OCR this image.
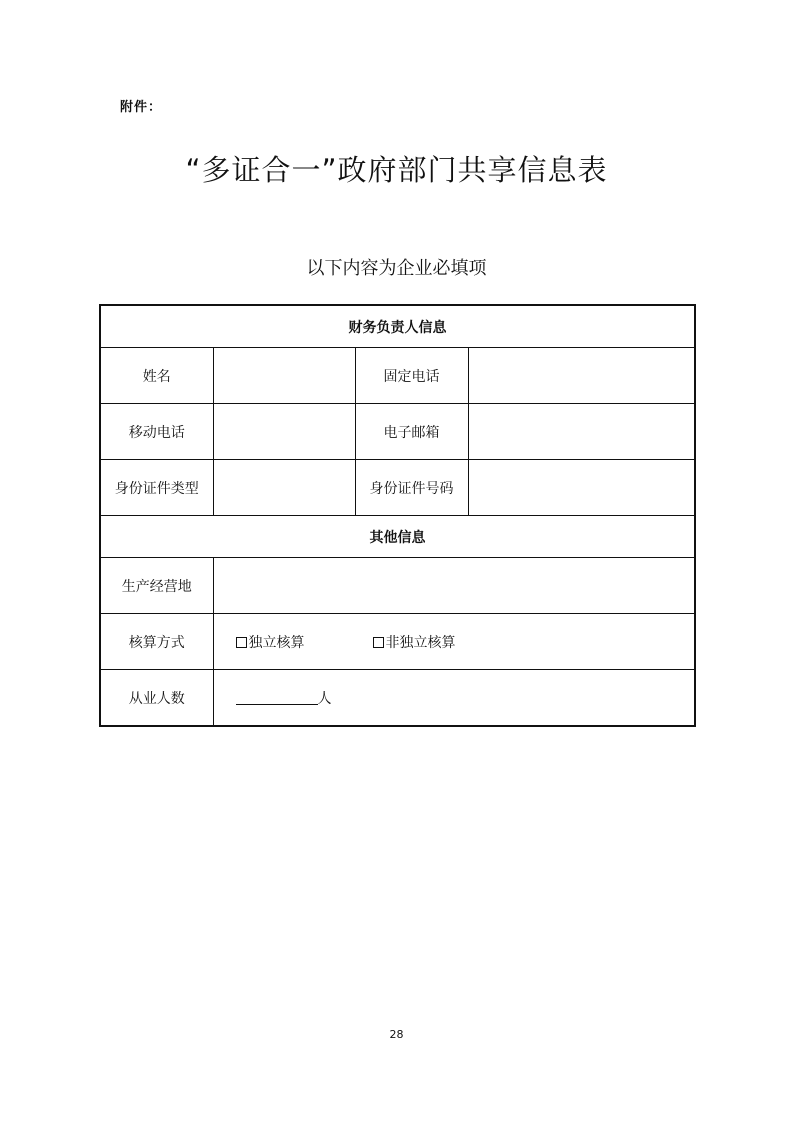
附件：
“多证合一”政府部门共享信息表
以下内容为企业必填项
财务负责人信息			
姓名		固定电话	
移动电话		电子邮箱	
身份证件类型		身份证件号码	
其他信息			
生产经营地			
核算方式	独立核算 非独立核算		
从业人数	人		
28
